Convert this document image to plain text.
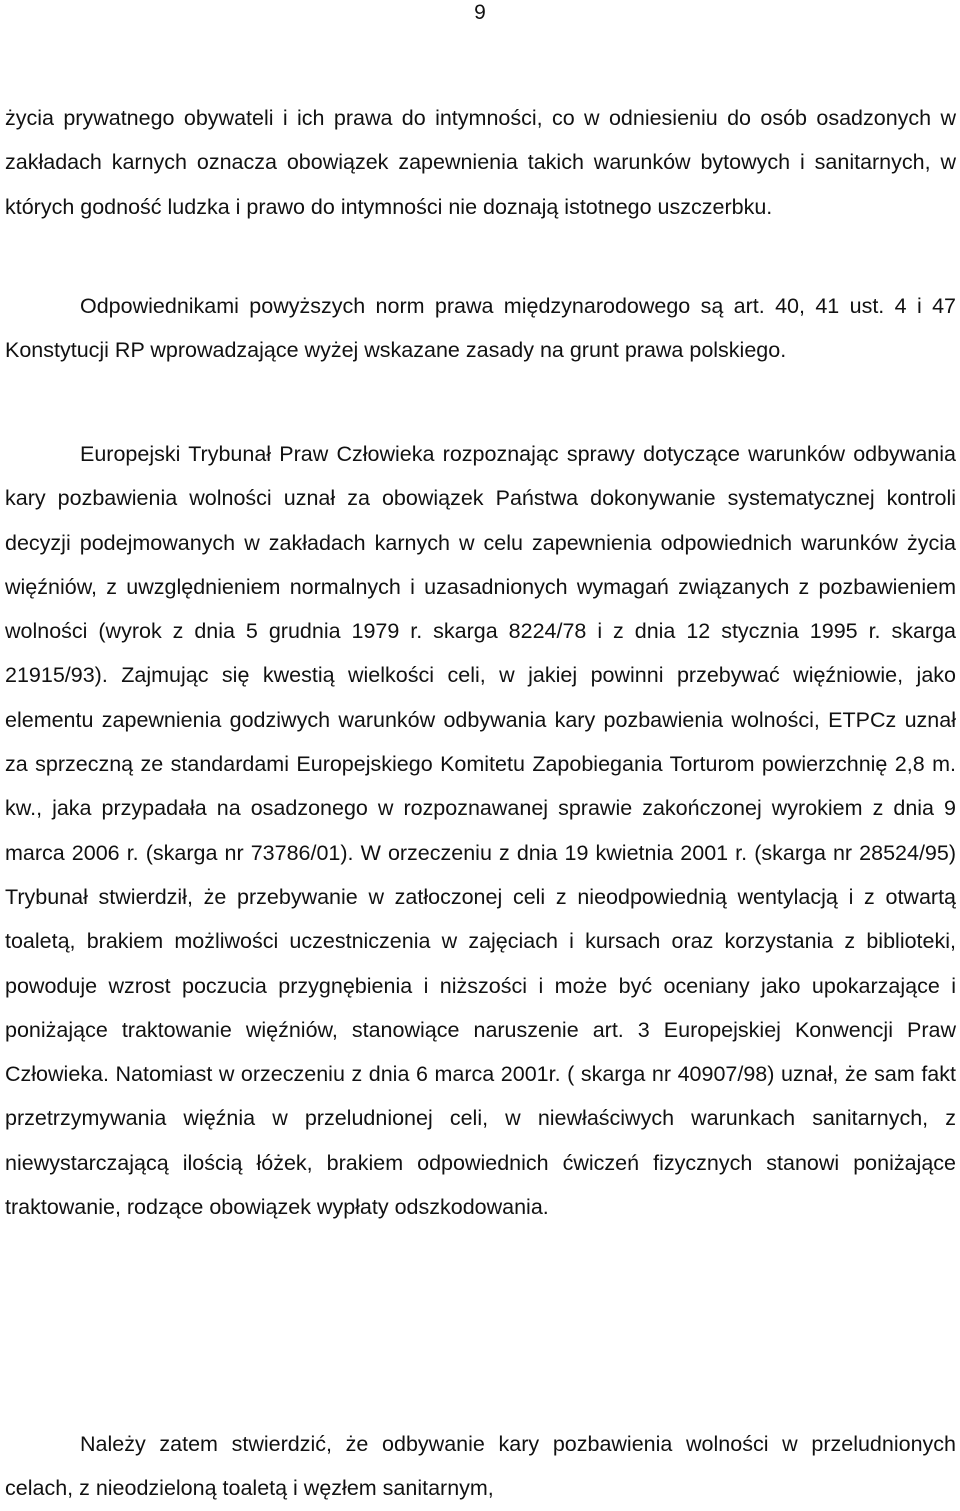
9

życia prywatnego obywateli i ich prawa do intymności, co w odniesieniu do osób osadzonych w zakładach karnych oznacza obowiązek zapewnienia takich warunków bytowych i sanitarnych, w których godność ludzka i prawo do intymności nie doznają istotnego uszczerbku.

Odpowiednikami powyższych norm prawa międzynarodowego są art. 40, 41 ust. 4 i 47 Konstytucji RP wprowadzające wyżej wskazane zasady na grunt prawa polskiego.

Europejski Trybunał Praw Człowieka rozpoznając sprawy dotyczące warunków odbywania kary pozbawienia wolności uznał za obowiązek Państwa dokonywanie systematycznej kontroli decyzji podejmowanych w zakładach karnych w celu zapewnienia odpowiednich warunków życia więźniów, z uwzględnieniem normalnych i uzasadnionych wymagań związanych z pozbawieniem wolności (wyrok z dnia 5 grudnia 1979 r. skarga 8224/78 i z dnia 12 stycznia 1995 r. skarga 21915/93). Zajmując się kwestią wielkości celi, w jakiej powinni przebywać więźniowie, jako elementu zapewnienia godziwych warunków odbywania kary pozbawienia wolności, ETPCz uznał za sprzeczną ze standardami Europejskiego Komitetu Zapobiegania Torturom powierzchnię 2,8 m. kw., jaka przypadała na osadzonego w rozpoznawanej sprawie zakończonej wyrokiem z dnia 9 marca 2006 r. (skarga nr 73786/01). W orzeczeniu z dnia 19 kwietnia 2001 r. (skarga nr 28524/95) Trybunał stwierdził, że przebywanie w zatłoczonej celi z nieodpowiednią wentylacją i z otwartą toaletą, brakiem możliwości uczestniczenia w zajęciach i kursach oraz korzystania z biblioteki, powoduje wzrost poczucia przygnębienia i niższości i może być oceniany jako upokarzające i poniżające traktowanie więźniów, stanowiące naruszenie art. 3 Europejskiej Konwencji Praw Człowieka. Natomiast w orzeczeniu z dnia 6 marca 2001r. ( skarga nr 40907/98) uznał, że sam fakt przetrzymywania więźnia w przeludnionej celi, w niewłaściwych warunkach sanitarnych, z niewystarczającą ilością łóżek, brakiem odpowiednich ćwiczeń fizycznych stanowi poniżające traktowanie, rodzące obowiązek wypłaty odszkodowania.

Należy zatem stwierdzić, że odbywanie kary pozbawienia wolności w przeludnionych celach, z nieodzieloną toaletą i węzłem sanitarnym,
